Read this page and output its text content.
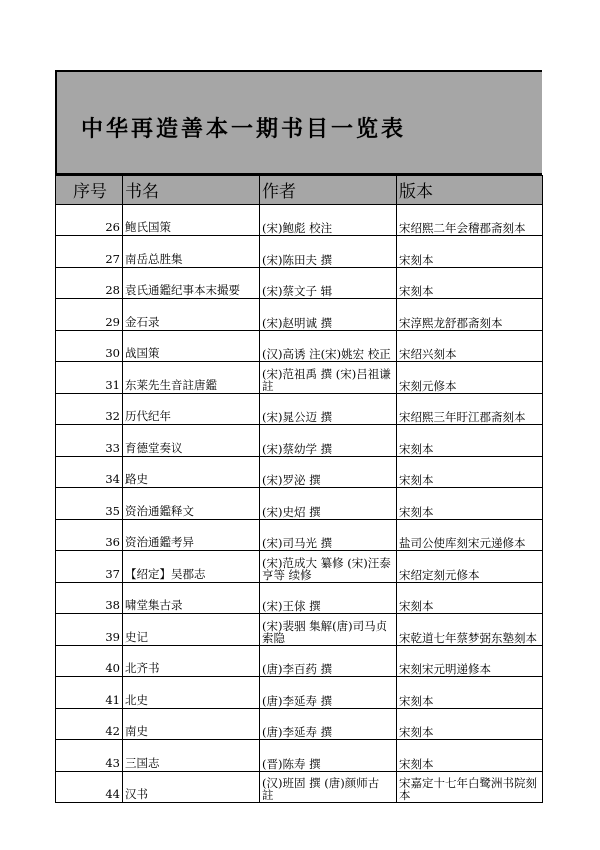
中华再造善本一期书目一览表
序号	书名	作者	版本
26	鲍氏国策	(宋)鲍彪 校注	宋绍熙二年会稽郡斋刻本
27	南岳总胜集	(宋)陈田夫 撰	宋刻本
28	袁氏通鑑纪事本末撮要	(宋)蔡文子 辑	宋刻本
29	金石录	(宋)赵明诚 撰	宋淳熙龙舒郡斋刻本
30	战国策	(汉)高诱 注(宋)姚宏 校正	宋绍兴刻本
31	东莱先生音註唐鑑	(宋)范祖禹 撰 (宋)吕祖谦 註	宋刻元修本
32	历代纪年	(宋)晁公迈 撰	宋绍熙三年盱江郡斋刻本
33	育德堂奏议	(宋)蔡幼学 撰	宋刻本
34	路史	(宋)罗泌 撰	宋刻本
35	资治通鑑释文	(宋)史炤 撰	宋刻本
36	资治通鑑考异	(宋)司马光 撰	盐司公使库刻宋元递修本
37	【绍定】吴郡志	(宋)范成大 纂修 (宋)汪泰亨等 续修	宋绍定刻元修本
38	啸堂集古录	(宋)王俅 撰	宋刻本
39	史记	(宋)裴骃 集解(唐)司马贞 索隐	宋乾道七年蔡梦弼东塾刻本
40	北齐书	(唐)李百药 撰	宋刻宋元明递修本
41	北史	(唐)李延寿 撰	宋刻本
42	南史	(唐)李延寿 撰	宋刻本
43	三国志	(晋)陈寿 撰	宋刻本
44	汉书	(汉)班固 撰 (唐)颜师古 註	宋嘉定十七年白鹭洲书院刻本
